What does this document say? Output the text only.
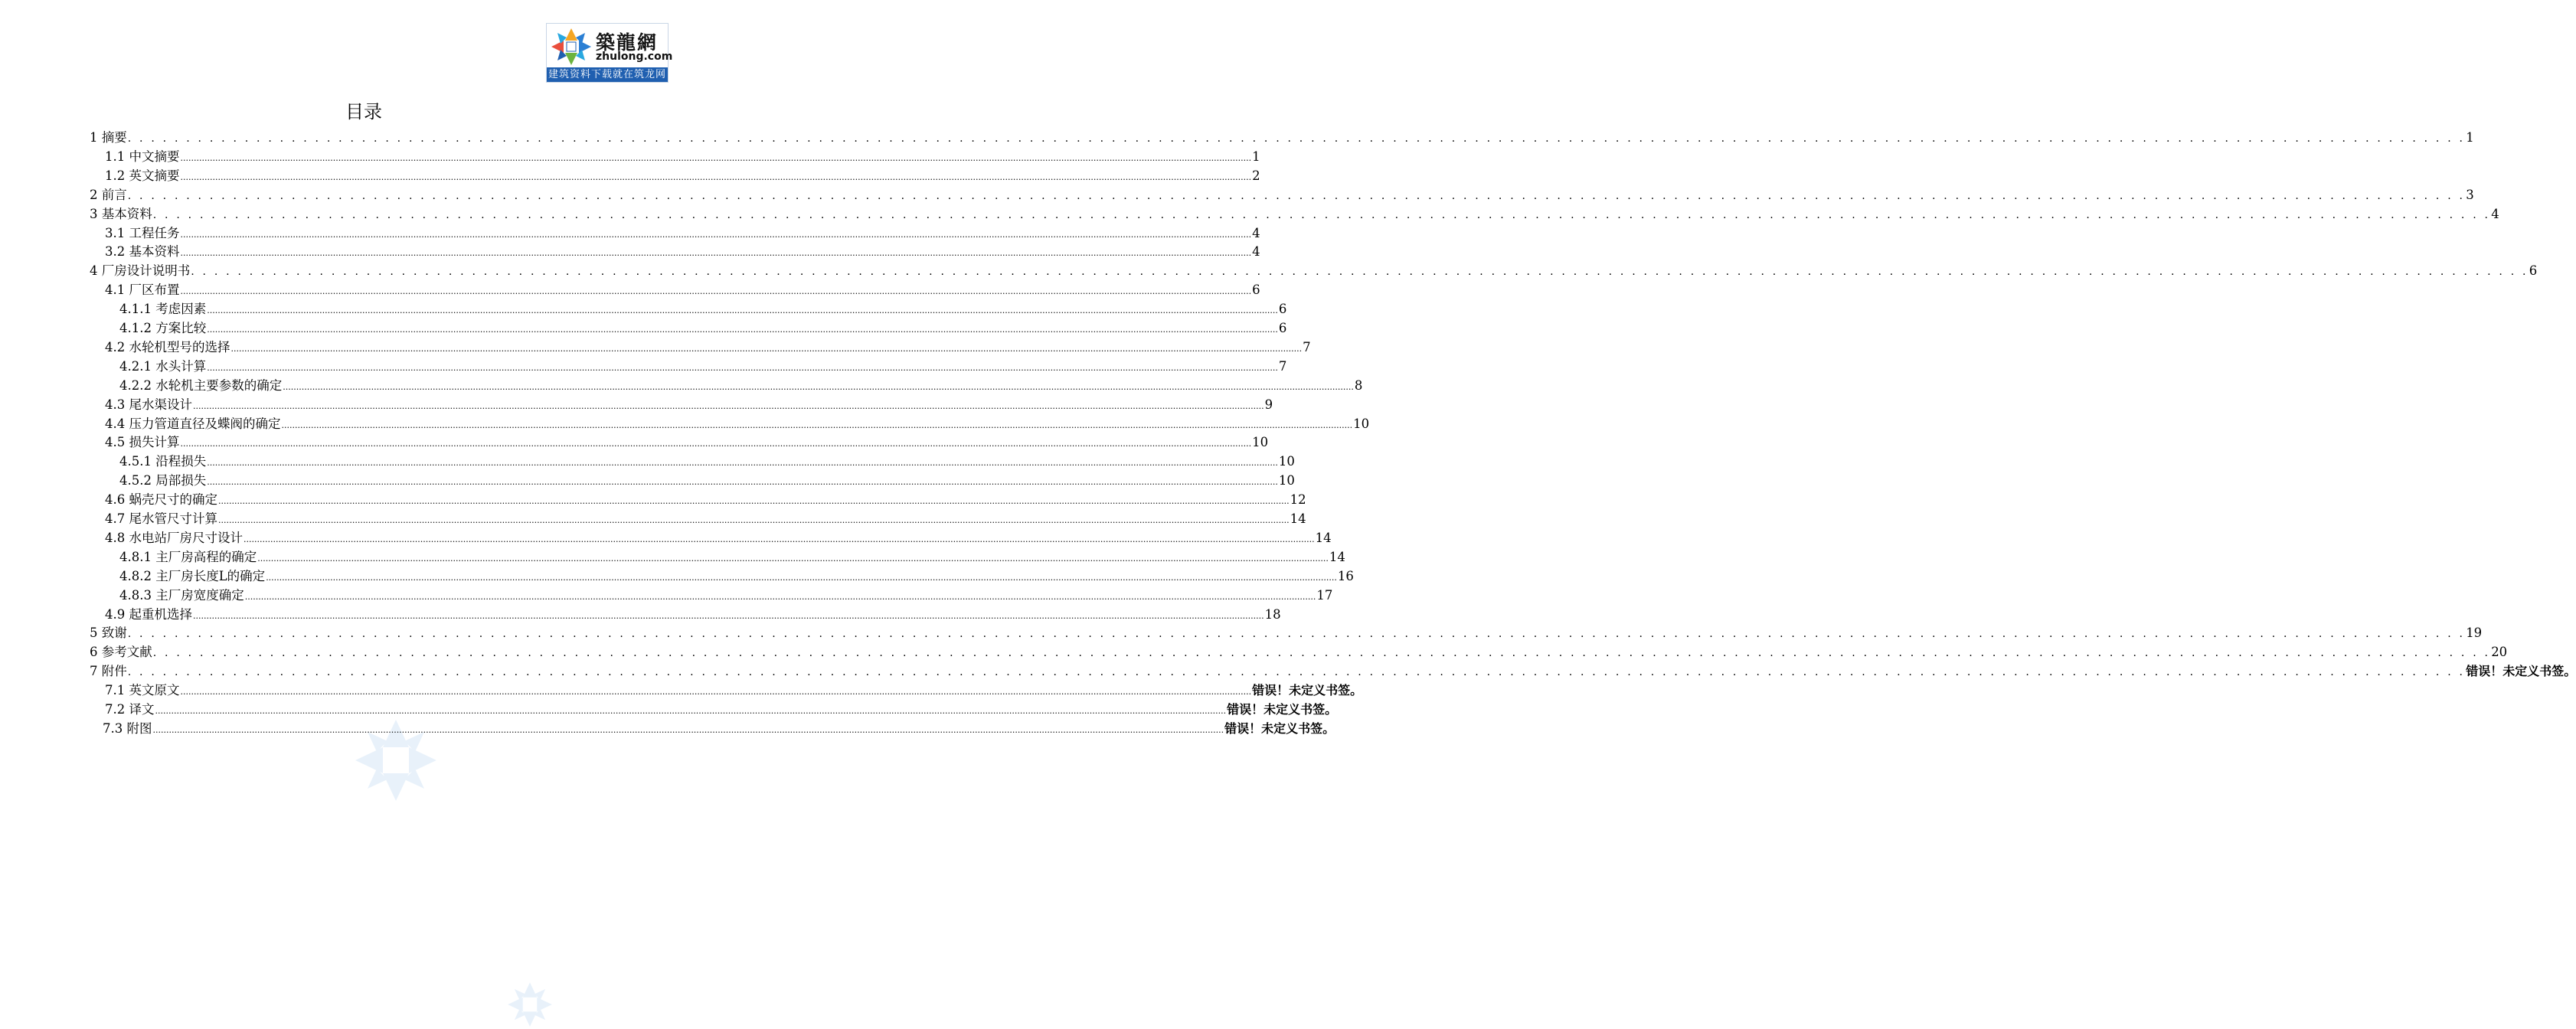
築龍網
zhulong.com
建筑资料下载就在筑龙网
目录
1 摘要 . . . . . . . . . . . . . . . . . . . . . . . . . . . . . . . . . . . . . . . . . . . . . . . . . . . . . . . . . . . . . . . . . . . . . . . . . . . . . . . . . . . . . . . . . . . . . . . . . . . . . . . . . . . . . . . . . . . . . . . . . . . . . . . . . . . . . . . . . . . . . . . . . . . . . . . . . . . . . . . . . . . . . . . . . . . . . . . . . . . . . . . . . . . . . . . . . . . . . . . . 1
1.1 中文摘要 ................................................................................................................................................................................................................................................................................................................................................................................................................ 1
1.2 英文摘要 ................................................................................................................................................................................................................................................................................................................................................................................................................ 2
2 前言 . . . . . . . . . . . . . . . . . . . . . . . . . . . . . . . . . . . . . . . . . . . . . . . . . . . . . . . . . . . . . . . . . . . . . . . . . . . . . . . . . . . . . . . . . . . . . . . . . . . . . . . . . . . . . . . . . . . . . . . . . . . . . . . . . . . . . . . . . . . . . . . . . . . . . . . . . . . . . . . . . . . . . . . . . . . . . . . . . . . . . . . . . . . . . . . . . . . . . . . . 3
3 基本资料 . . . . . . . . . . . . . . . . . . . . . . . . . . . . . . . . . . . . . . . . . . . . . . . . . . . . . . . . . . . . . . . . . . . . . . . . . . . . . . . . . . . . . . . . . . . . . . . . . . . . . . . . . . . . . . . . . . . . . . . . . . . . . . . . . . . . . . . . . . . . . . . . . . . . . . . . . . . . . . . . . . . . . . . . . . . . . . . . . . . . . . . . . . . . . . . . . . . . . . . . 4
3.1 工程任务 ................................................................................................................................................................................................................................................................................................................................................................................................................ 4
3.2 基本资料 ................................................................................................................................................................................................................................................................................................................................................................................................................ 4
4 厂房设计说明书 . . . . . . . . . . . . . . . . . . . . . . . . . . . . . . . . . . . . . . . . . . . . . . . . . . . . . . . . . . . . . . . . . . . . . . . . . . . . . . . . . . . . . . . . . . . . . . . . . . . . . . . . . . . . . . . . . . . . . . . . . . . . . . . . . . . . . . . . . . . . . . . . . . . . . . . . . . . . . . . . . . . . . . . . . . . . . . . . . . . . . . . . . . . . . . . . . . . . . . . . 6
4.1 厂区布置 ................................................................................................................................................................................................................................................................................................................................................................................................................ 6
4.1.1 考虑因素 ................................................................................................................................................................................................................................................................................................................................................................................................................ 6
4.1.2 方案比较 ................................................................................................................................................................................................................................................................................................................................................................................................................ 6
4.2 水轮机型号的选择 ................................................................................................................................................................................................................................................................................................................................................................................................................ 7
4.2.1 水头计算 ................................................................................................................................................................................................................................................................................................................................................................................................................ 7
4.2.2 水轮机主要参数的确定 ................................................................................................................................................................................................................................................................................................................................................................................................................ 8
4.3 尾水渠设计 ................................................................................................................................................................................................................................................................................................................................................................................................................ 9
4.4 压力管道直径及蝶阀的确定 ................................................................................................................................................................................................................................................................................................................................................................................................................ 10
4.5 损失计算 ................................................................................................................................................................................................................................................................................................................................................................................................................ 10
4.5.1 沿程损失 ................................................................................................................................................................................................................................................................................................................................................................................................................ 10
4.5.2 局部损失 ................................................................................................................................................................................................................................................................................................................................................................................................................ 10
4.6 蜗壳尺寸的确定 ................................................................................................................................................................................................................................................................................................................................................................................................................ 12
4.7 尾水管尺寸计算 ................................................................................................................................................................................................................................................................................................................................................................................................................ 14
4.8 水电站厂房尺寸设计 ................................................................................................................................................................................................................................................................................................................................................................................................................ 14
4.8.1 主厂房高程的确定 ................................................................................................................................................................................................................................................................................................................................................................................................................ 14
4.8.2 主厂房长度L的确定 ................................................................................................................................................................................................................................................................................................................................................................................................................ 16
4.8.3 主厂房宽度确定 ................................................................................................................................................................................................................................................................................................................................................................................................................ 17
4.9 起重机选择 ................................................................................................................................................................................................................................................................................................................................................................................................................ 18
5 致谢 . . . . . . . . . . . . . . . . . . . . . . . . . . . . . . . . . . . . . . . . . . . . . . . . . . . . . . . . . . . . . . . . . . . . . . . . . . . . . . . . . . . . . . . . . . . . . . . . . . . . . . . . . . . . . . . . . . . . . . . . . . . . . . . . . . . . . . . . . . . . . . . . . . . . . . . . . . . . . . . . . . . . . . . . . . . . . . . . . . . . . . . . . . . . . . . . . . . . . . . . 19
6 参考文献 . . . . . . . . . . . . . . . . . . . . . . . . . . . . . . . . . . . . . . . . . . . . . . . . . . . . . . . . . . . . . . . . . . . . . . . . . . . . . . . . . . . . . . . . . . . . . . . . . . . . . . . . . . . . . . . . . . . . . . . . . . . . . . . . . . . . . . . . . . . . . . . . . . . . . . . . . . . . . . . . . . . . . . . . . . . . . . . . . . . . . . . . . . . . . . . . . . . . . . . . 20
7 附件 . . . . . . . . . . . . . . . . . . . . . . . . . . . . . . . . . . . . . . . . . . . . . . . . . . . . . . . . . . . . . . . . . . . . . . . . . . . . . . . . . . . . . . . . . . . . . . . . . . . . . . . . . . . . . . . . . . . . . . . . . . . . . . . . . . . . . . . . . . . . . . . . . . . . . . . . . . . . . . . . . . . . . . . . . . . . . . . . . . . . . . . . . . . . . . . . . . . . . . . . 错误！未定义书签。
7.1 英文原文 ................................................................................................................................................................................................................................................................................................................................................................................................................ 错误！未定义书签。
7.2 译文 ................................................................................................................................................................................................................................................................................................................................................................................................................ 错误！未定义书签。
7.3 附图 ................................................................................................................................................................................................................................................................................................................................................................................................................ 错误！未定义书签。
